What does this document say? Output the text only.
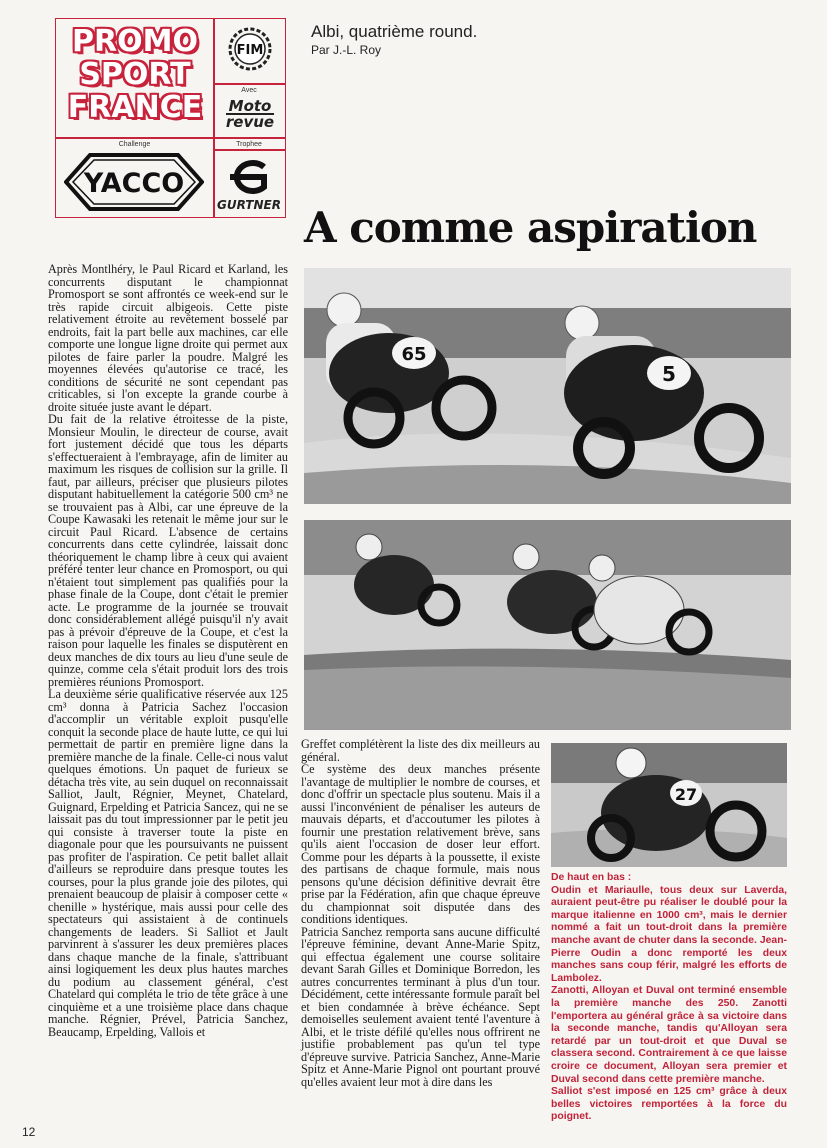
PROMO
SPORT
FRANCE
FIM
Avec
Moto
revue
Challenge
YACCO
Trophee
GURTNER
Albi, quatrième round.
Par J.-L. Roy
A comme aspiration
65
5
27

Après Montlhéry, le Paul Ricard et Karland, les concurrents disputant le championnat Promosport se sont affrontés ce week-end sur le très rapide circuit albigeois. Cette piste relativement étroite au revêtement bosselé par endroits, fait la part belle aux machines, car elle comporte une longue ligne droite qui permet aux pilotes de faire parler la poudre. Malgré les moyennes élevées qu'autorise ce tracé, les conditions de sécurité ne sont cependant pas criticables, si l'on excepte la grande courbe à droite située juste avant le départ.

Du fait de la relative étroitesse de la piste, Monsieur Moulin, le directeur de course, avait fort justement décidé que tous les départs s'effectueraient à l'embrayage, afin de limiter au maximum les risques de collision sur la grille. Il faut, par ailleurs, préciser que plusieurs pilotes disputant habituellement la catégorie 500 cm³ ne se trouvaient pas à Albi, car une épreuve de la Coupe Kawasaki les retenait le même jour sur le circuit Paul Ricard. L'absence de certains concurrents dans cette cylindrée, laissait donc théoriquement le champ libre à ceux qui avaient préféré tenter leur chance en Promosport, ou qui n'étaient tout simplement pas qualifiés pour la phase finale de la Coupe, dont c'était le premier acte. Le programme de la journée se trouvait donc considérablement allégé puisqu'il n'y avait pas à prévoir d'épreuve de la Coupe, et c'est la raison pour laquelle les finales se disputèrent en deux manches de dix tours au lieu d'une seule de quinze, comme cela s'était produit lors des trois premières réunions Promosport.

La deuxième série qualificative réservée aux 125 cm³ donna à Patricia Sachez l'occasion d'accomplir un véritable exploit pusqu'elle conquit la seconde place de haute lutte, ce qui lui permettait de partir en première ligne dans la première manche de la finale. Celle-ci nous valut quelques émotions. Un paquet de furieux se détacha très vite, au sein duquel on reconnaissait Salliot, Jault, Régnier, Meynet, Chatelard, Guignard, Erpelding et Patricia Sancez, qui ne se laissait pas du tout impressionner par le petit jeu qui consiste à traverser toute la piste en diagonale pour que les poursuivants ne puissent pas profiter de l'aspiration. Ce petit ballet allait d'ailleurs se reproduire dans presque toutes les courses, pour la plus grande joie des pilotes, qui prenaient beaucoup de plaisir à composer cette « chenille » hystérique, mais aussi pour celle des spectateurs qui assistaient à de continuels changements de leaders. Si Salliot et Jault parvinrent à s'assurer les deux premières places dans chaque manche de la finale, s'attribuant ainsi logiquement les deux plus hautes marches du podium au classement général, c'est Chatelard qui compléta le trio de tête grâce à une cinquième et a une troisième place dans chaque manche. Régnier, Prével, Patricia Sanchez, Beaucamp, Erpelding, Vallois et

Greffet complétèrent la liste des dix meilleurs au général.

Ce système des deux manches présente l'avantage de multiplier le nombre de courses, et donc d'offrir un spectacle plus soutenu. Mais il a aussi l'inconvénient de pénaliser les auteurs de mauvais départs, et d'accoutumer les pilotes à fournir une prestation relativement brève, sans qu'ils aient l'occasion de doser leur effort. Comme pour les départs à la poussette, il existe des partisans de chaque formule, mais nous pensons qu'une décision définitive devrait être prise par la Fédération, afin que chaque épreuve du championnat soit disputée dans des conditions identiques.

Patricia Sanchez remporta sans aucune difficulté l'épreuve féminine, devant Anne-Marie Spitz, qui effectua également une course solitaire devant Sarah Gilles et Dominique Borredon, les autres concurrentes terminant à plus d'un tour. Décidément, cette intéressante formule paraît bel et bien condamnée à brève échéance. Sept demoiselles seulement avaient tenté l'aventure à Albi, et le triste défilé qu'elles nous offrirent ne justifie probablement pas qu'un tel type d'épreuve survive. Patricia Sanchez, Anne-Marie Spitz et Anne-Marie Pignol ont pourtant prouvé qu'elles avaient leur mot à dire dans les

De haut en bas :

Oudin et Mariaulle, tous deux sur Laverda, auraient peut-être pu réaliser le doublé pour la marque italienne en 1000 cm³, mais le dernier nommé a fait un tout-droit dans la première manche avant de chuter dans la seconde. Jean-Pierre Oudin a donc remporté les deux manches sans coup férir, malgré les efforts de Lambolez.

Zanotti, Alloyan et Duval ont terminé ensemble la première manche des 250. Zanotti l'emportera au général grâce à sa victoire dans la seconde manche, tandis qu'Alloyan sera retardé par un tout-droit et que Duval se classera second. Contrairement à ce que laisse croire ce document, Alloyan sera premier et Duval second dans cette première manche.

Salliot s'est imposé en 125 cm³ grâce à deux belles victoires remportées à la force du poignet.

12
